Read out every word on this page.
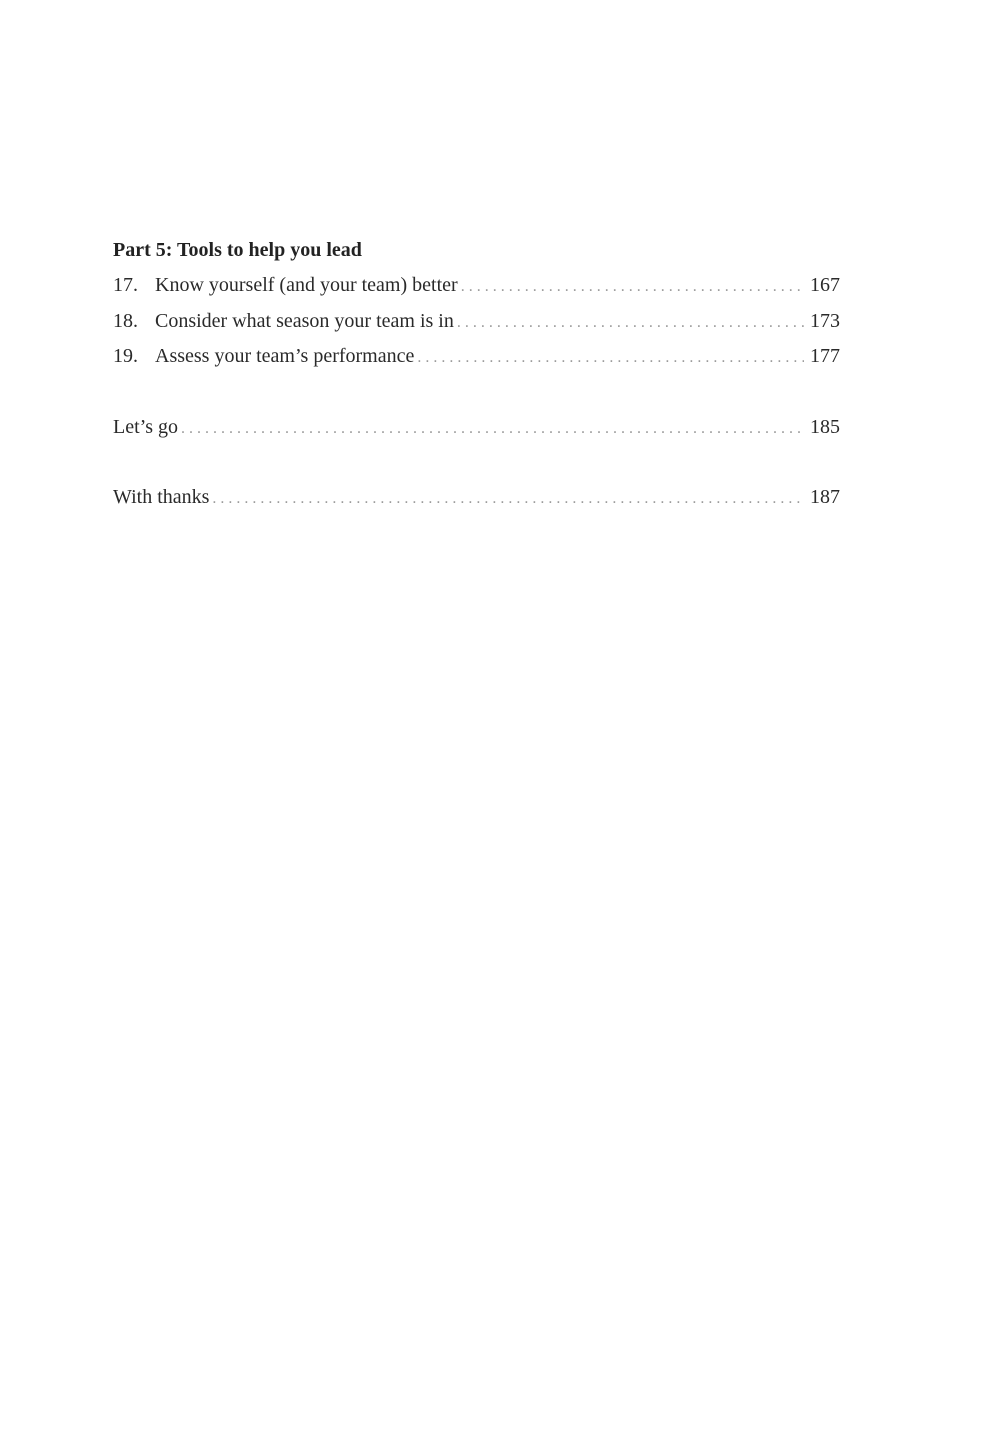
Part 5: Tools to help you lead
17. Know yourself (and your team) better . . .	167
18. Consider what season your team is in . . .	173
19. Assess your team’s performance . . .	177
Let’s go . . .	185
With thanks . . .	187
